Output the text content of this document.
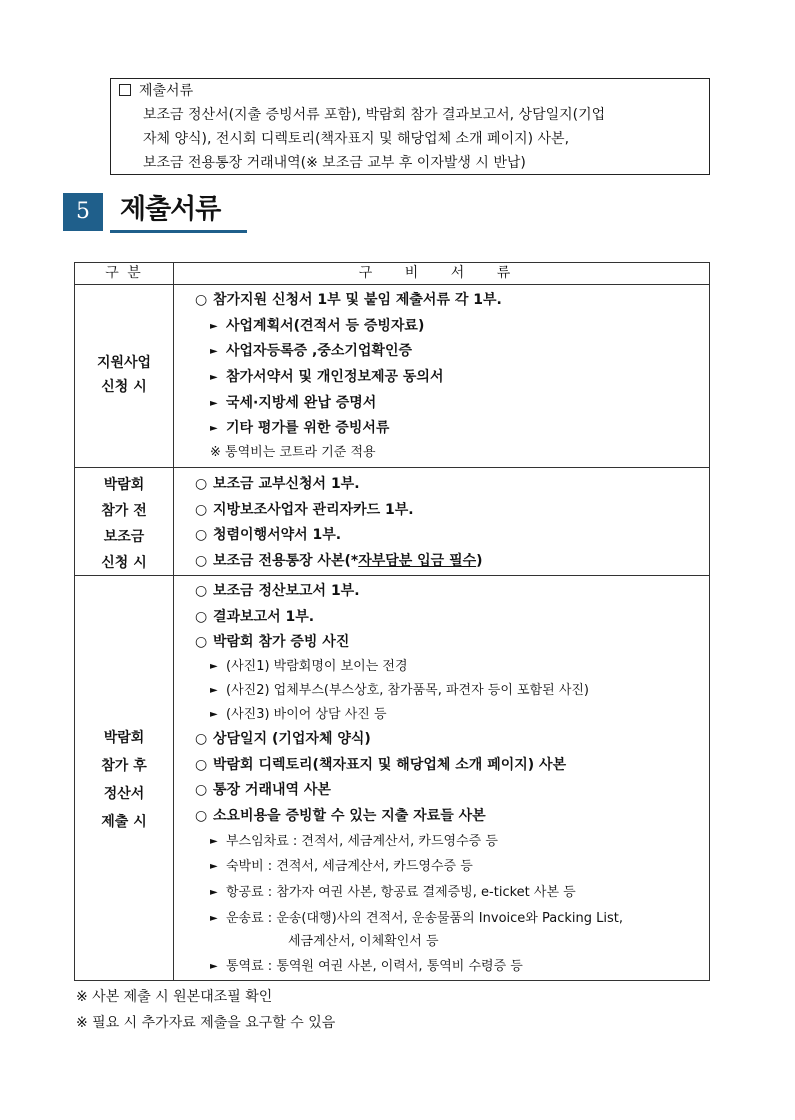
제출서류
보조금 정산서(지출 증빙서류 포함), 박람회 참가 결과보고서, 상담일지(기업
자체 양식), 전시회 디렉토리(책자표지 및 해당업체 소개 페이지) 사본,
보조금 전용통장 거래내역(※ 보조금 교부 후 이자발생 시 반납)
5	제출서류
구 분	구 비 서 류
지원사업
신청 시
○ 참가지원 신청서 1부 및 붙임 제출서류 각 1부.
► 사업계획서(견적서 등 증빙자료)
► 사업자등록증 ,중소기업확인증
► 참가서약서 및 개인정보제공 동의서
► 국세·지방세 완납 증명서
► 기타 평가를 위한 증빙서류
※ 통역비는 코트라 기준 적용
박람회
참가 전
보조금
신청 시
○ 보조금 교부신청서 1부.
○ 지방보조사업자 관리자카드 1부.
○ 청렴이행서약서 1부.
○ 보조금 전용통장 사본(*자부담분 입금 필수)
박람회
참가 후
정산서
제출 시
○ 보조금 정산보고서 1부.
○ 결과보고서 1부.
○ 박람회 참가 증빙 사진
► (사진1) 박람회명이 보이는 전경
► (사진2) 업체부스(부스상호, 참가품목, 파견자 등이 포함된 사진)
► (사진3) 바이어 상담 사진 등
○ 상담일지 (기업자체 양식)
○ 박람회 디렉토리(책자표지 및 해당업체 소개 페이지) 사본
○ 통장 거래내역 사본
○ 소요비용을 증빙할 수 있는 지출 자료들 사본
► 부스임차료 : 견적서, 세금계산서, 카드영수증 등
► 숙박비 : 견적서, 세금계산서, 카드영수증 등
► 항공료 : 참가자 여권 사본, 항공료 결제증빙, e-ticket 사본 등
► 운송료 : 운송(대행)사의 견적서, 운송물품의 Invoice와 Packing List,
세금계산서, 이체확인서 등
► 통역료 : 통역원 여권 사본, 이력서, 통역비 수령증 등
※ 사본 제출 시 원본대조필 확인
※ 필요 시 추가자료 제출을 요구할 수 있음
